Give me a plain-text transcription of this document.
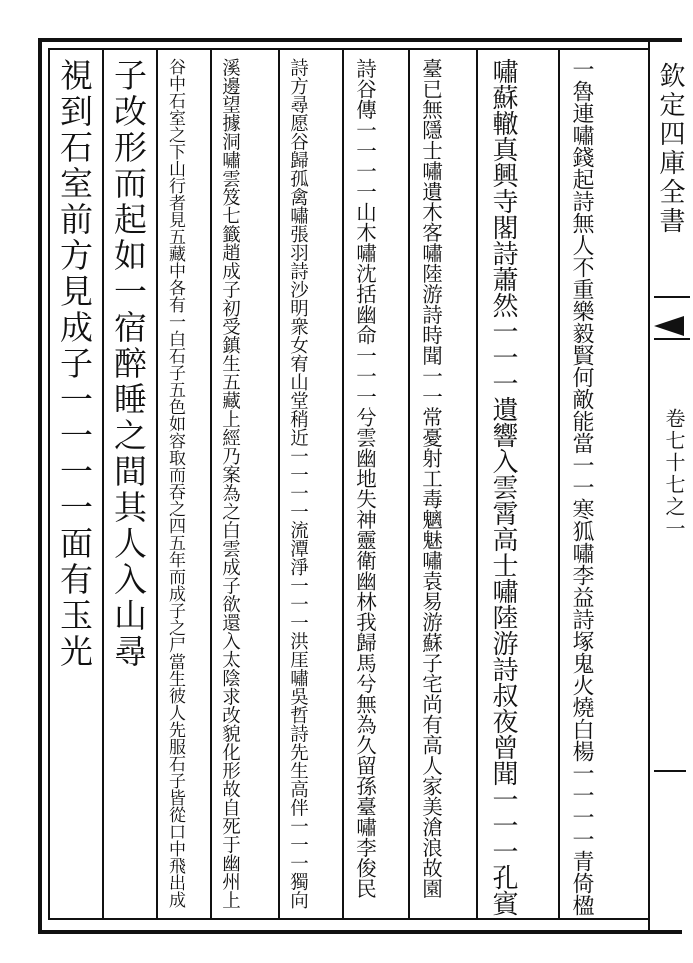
欽定四庫全書
卷七十七之一
一魯連嘯錢起詩無人不重樂毅賢何敵能當一一寒狐嘯李益詩塚鬼火燒白楊一一一一青倚楹
嘯蘇轍真興寺閣詩蕭然一一一遺響入雲霄高士嘯陸游詩叔夜曾聞一一一孔賓
臺已無隱士嘯遺木客嘯陸游詩時聞一一常憂射工毒魑魅嘯袁易游蘇子宅尚有高人家美滄浪故園
詩谷傳一一一一山木嘯沈括幽命一一一兮雲幽地失神靈衛幽林我歸馬兮無為久留孫臺嘯李俊民
詩方尋愿谷歸孤禽嘯張羽詩沙明衆女宥山堂稍近一一一一流潭淨一一一洪厓嘯吳哲詩先生高伴一一一獨向
溪邊望據洞嘯雲笈七籤趙成子初受鎮生五藏上經乃案為之白雲成子欲還入太陰求改貌化形故自死于幽州上
谷中石室之下山行者見五藏中各有一白石子五色如容取而吞之四五年而成子之尸當生彼人先服石子皆從口中飛出成
子改形而起如一宿醉睡之間其人入山尋
視到石室前方見成子一一一一面有玉光
